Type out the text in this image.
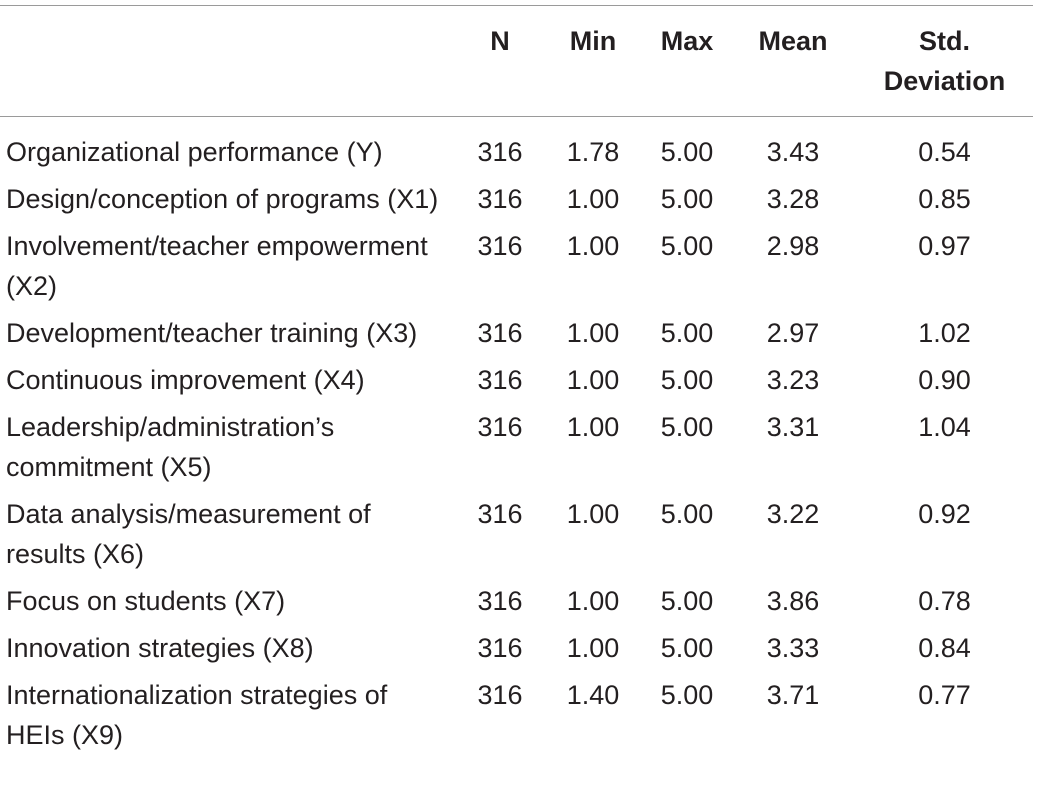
	N	Min	Max	Mean	Std.
Deviation
Organizational performance (Y)	316	1.78	5.00	3.43	0.54
Design/conception of programs (X1)	316	1.00	5.00	3.28	0.85
Involvement/teacher empowerment (X2)	316	1.00	5.00	2.98	0.97
Development/teacher training (X3)	316	1.00	5.00	2.97	1.02
Continuous improvement (X4)	316	1.00	5.00	3.23	0.90
Leadership/administration’s commitment (X5)	316	1.00	5.00	3.31	1.04
Data analysis/measurement of results (X6)	316	1.00	5.00	3.22	0.92
Focus on students (X7)	316	1.00	5.00	3.86	0.78
Innovation strategies (X8)	316	1.00	5.00	3.33	0.84
Internationalization strategies of HEIs (X9)	316	1.40	5.00	3.71	0.77
